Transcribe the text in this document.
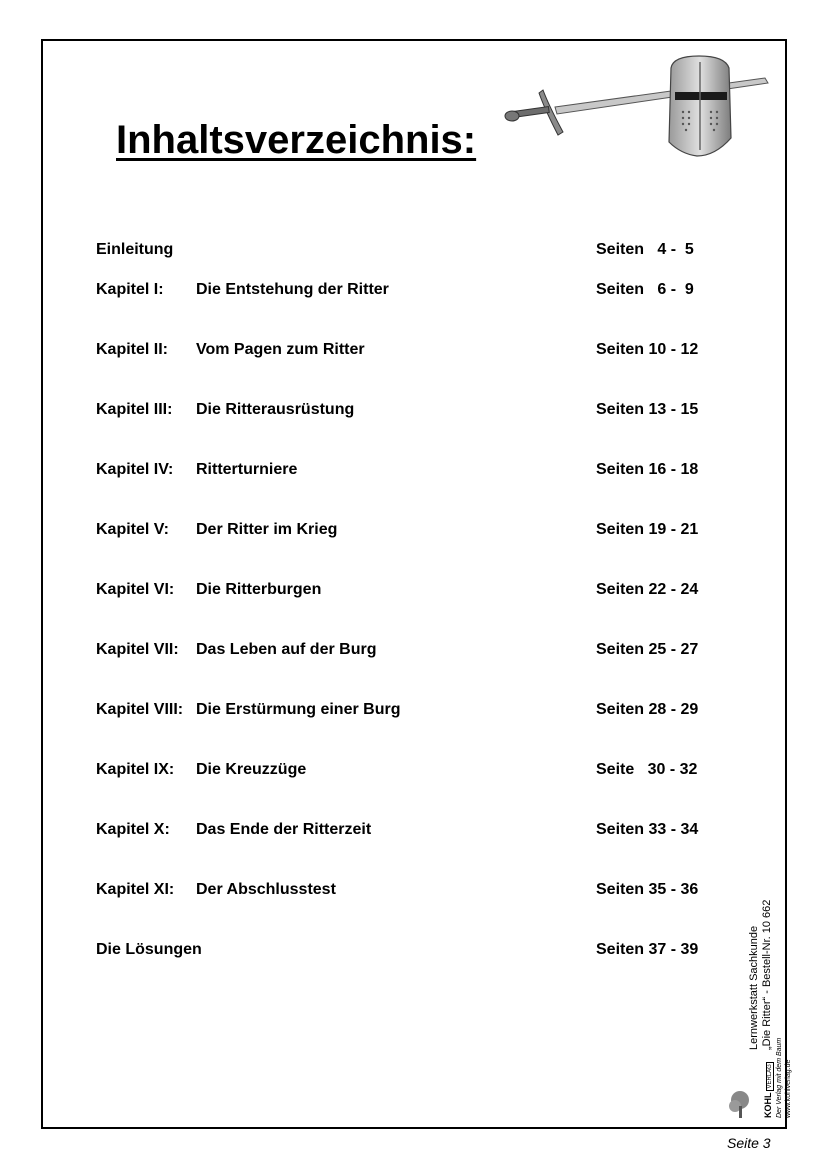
Inhaltsverzeichnis:
Einleitung	Seiten   4 -  5
Kapitel I: Die Entstehung der Ritter	Seiten   6 -  9
Kapitel II: Vom Pagen zum Ritter	Seiten 10 - 12
Kapitel III: Die Ritterausrüstung	Seiten 13 - 15
Kapitel IV: Ritterturniere	Seiten 16 - 18
Kapitel V: Der Ritter im Krieg	Seiten 19 - 21
Kapitel VI: Die Ritterburgen	Seiten 22 - 24
Kapitel VII: Das Leben auf der Burg	Seiten 25 - 27
Kapitel VIII: Die Erstürmung einer Burg	Seiten 28 - 29
Kapitel IX: Die Kreuzzüge	Seite   30 - 32
Kapitel X: Das Ende der Ritterzeit	Seiten 33 - 34
Kapitel XI: Der Abschlusstest	Seiten 35 - 36
Die Lösungen	Seiten 37 - 39	Lernwerkstatt Sachkunde „Die Ritter“ - Bestell-Nr. 10 662
KOHL VERLAG Der Verlag mit dem Baum www.kohlverlag.de
Seite 3
